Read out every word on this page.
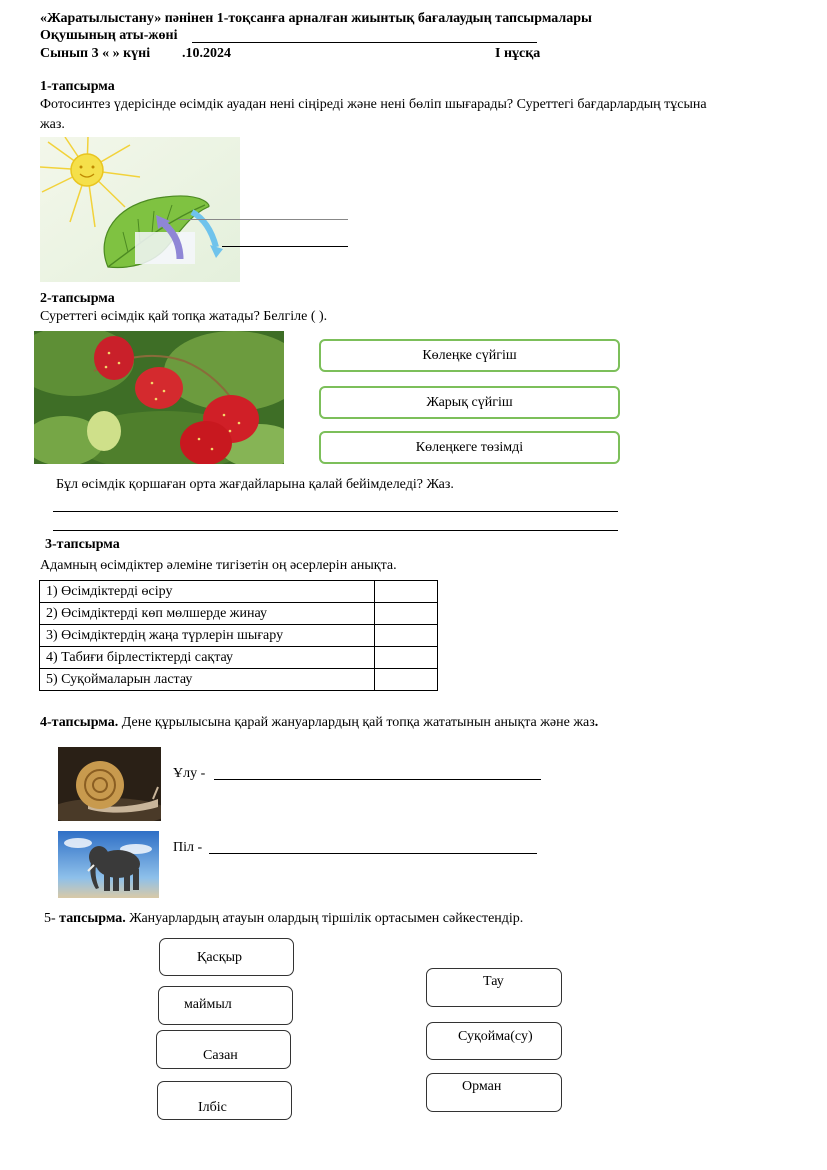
«Жаратылыстану» пәнінен 1-тоқсанға арналған жиынтық бағалаудың тапсырмалары
Оқушының аты-жөні
Сынып 3 « » күні .10.2024	І нұсқа
1-тапсырма
Фотосинтез үдерісінде өсімдік ауадан нені сіңіреді және нені бөліп шығарады? Суреттегі бағдарлардың тұсына
жаз.
2-тапсырма
Суреттегі өсімдік қай топқа жатады? Белгіле ( ).
Көлеңке сүйгіш
Жарық сүйгіш
Көлеңкеге төзімді
Бұл өсімдік қоршаған орта жағдайларына қалай бейімделеді? Жаз.
3-тапсырма
Адамның өсімдіктер әлеміне тигізетін оң әсерлерін анықта.
1) Өсімдіктерді өсіру	
2) Өсімдіктерді көп мөлшерде жинау	
3) Өсімдіктердің жаңа түрлерін шығару	
4) Табиғи бірлестіктерді сақтау	
5) Суқоймаларын ластау	
4-тапсырма. Дене құрылысына қарай жануарлардың қай топқа жататынын анықта және жаз.
Ұлу -
Піл -
5- тапсырма. Жануарлардың атауын олардың тіршілік ортасымен сәйкестендір.
Қасқыр
маймыл
Сазан
Ілбіс
Тау
Суқойма(су)
Орман
